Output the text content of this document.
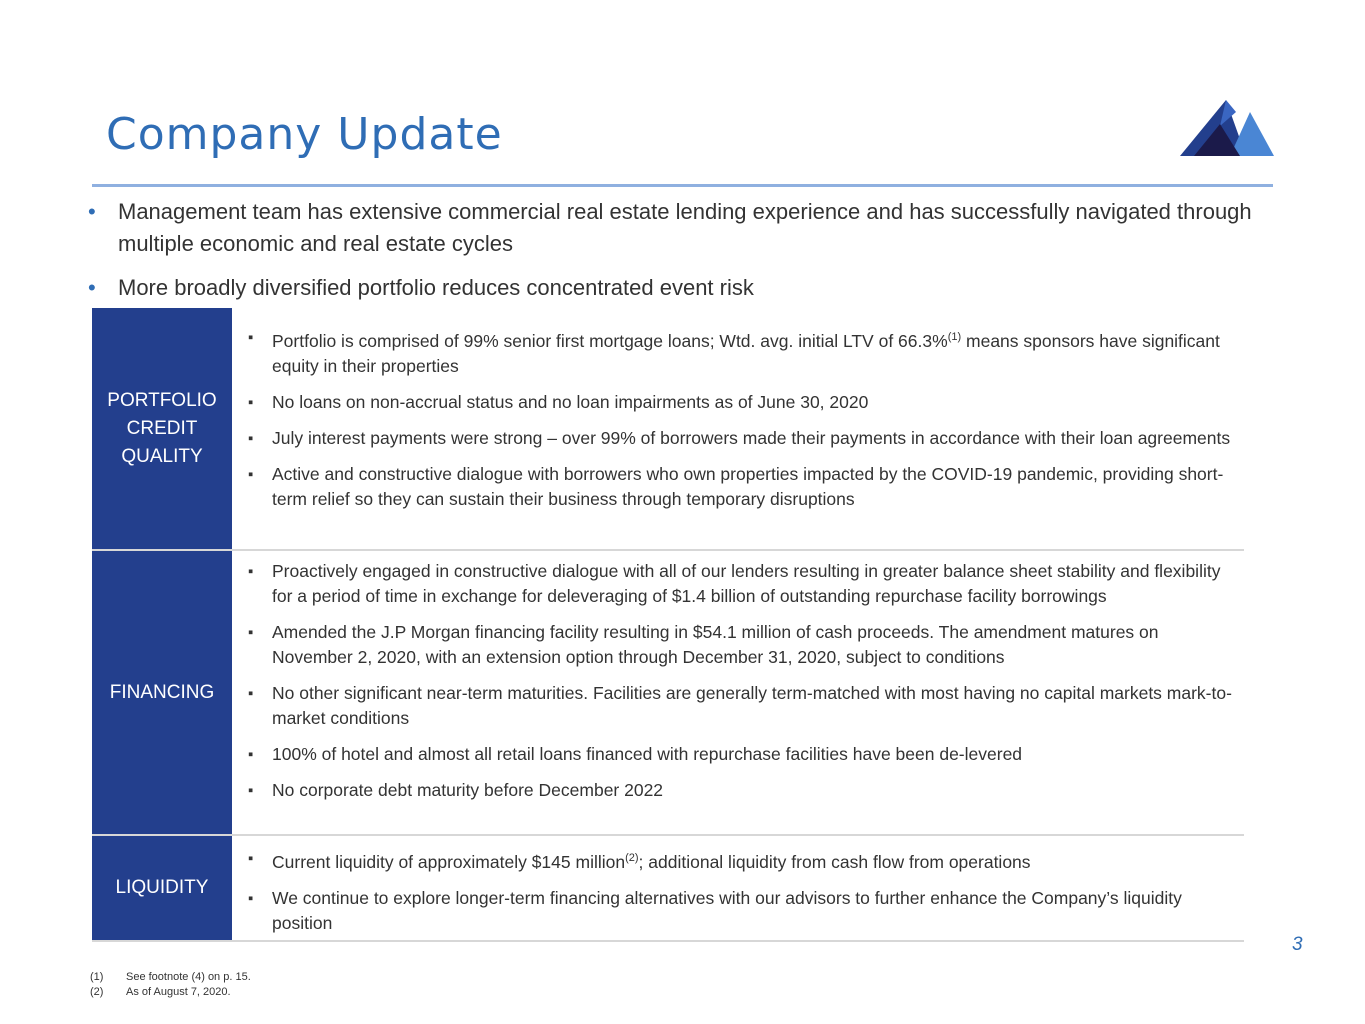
Company Update
• Management team has extensive commercial real estate lending experience and has successfully navigated through multiple economic and real estate cycles
• More broadly diversified portfolio reduces concentrated event risk
PORTFOLIO
CREDIT
QUALITY
▪ Portfolio is comprised of 99% senior first mortgage loans; Wtd. avg. initial LTV of 66.3%$^{(1)}$ means sponsors have significant equity in their properties
▪ No loans on non-accrual status and no loan impairments as of June 30, 2020
▪ July interest payments were strong – over 99% of borrowers made their payments in accordance with their loan agreements
▪ Active and constructive dialogue with borrowers who own properties impacted by the COVID-19 pandemic, providing short-term relief so they can sustain their business through temporary disruptions
FINANCING
▪ Proactively engaged in constructive dialogue with all of our lenders resulting in greater balance sheet stability and flexibility for a period of time in exchange for deleveraging of $1.4 billion of outstanding repurchase facility borrowings
▪ Amended the J.P Morgan financing facility resulting in $54.1 million of cash proceeds. The amendment matures on November 2, 2020, with an extension option through December 31, 2020, subject to conditions
▪ No other significant near-term maturities. Facilities are generally term-matched with most having no capital markets mark-to-market conditions
▪ 100% of hotel and almost all retail loans financed with repurchase facilities have been de-levered
▪ No corporate debt maturity before December 2022
LIQUIDITY
▪ Current liquidity of approximately $145 million$^{(2)}$; additional liquidity from cash flow from operations
▪ We continue to explore longer-term financing alternatives with our advisors to further enhance the Company’s liquidity position
3
(1)	See footnote (4) on p. 15.
(2)	As of August 7, 2020.
